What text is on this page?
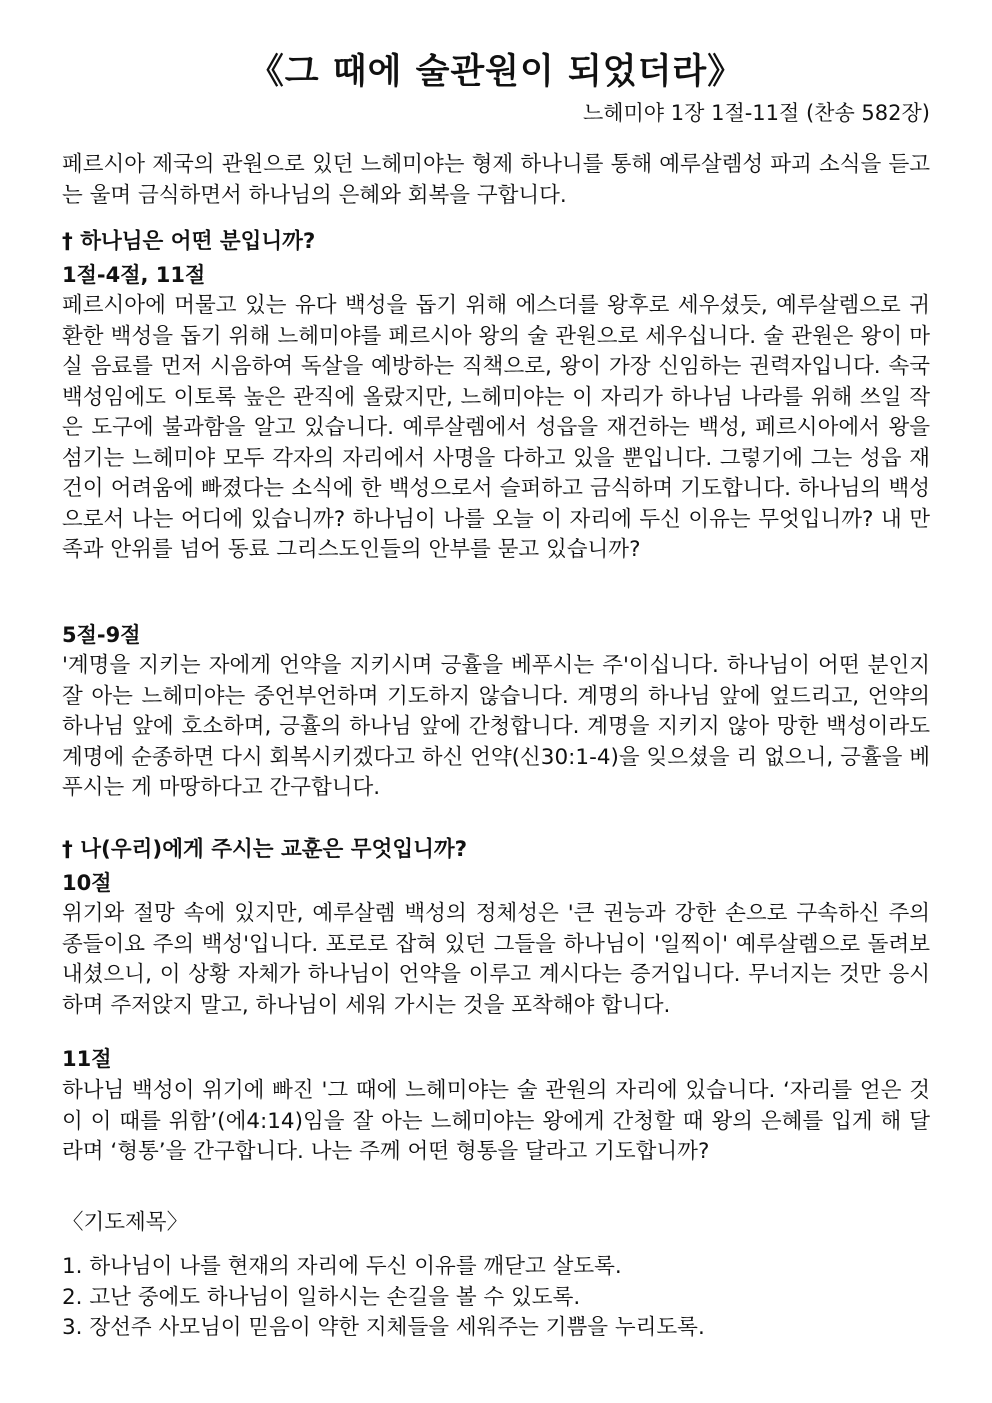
《그 때에 술관원이 되었더라》
느헤미야 1장 1절-11절 (찬송 582장)
페르시아 제국의 관원으로 있던 느헤미야는 형제 하나니를 통해 예루살렘성 파괴 소식을 듣고는 울며 금식하면서 하나님의 은혜와 회복을 구합니다.
† 하나님은 어떤 분입니까?
1절-4절, 11절
페르시아에 머물고 있는 유다 백성을 돕기 위해 에스더를 왕후로 세우셨듯, 예루살렘으로 귀환한 백성을 돕기 위해 느헤미야를 페르시아 왕의 술 관원으로 세우십니다. 술 관원은 왕이 마실 음료를 먼저 시음하여 독살을 예방하는 직책으로, 왕이 가장 신임하는 권력자입니다. 속국 백성임에도 이토록 높은 관직에 올랐지만, 느헤미야는 이 자리가 하나님 나라를 위해 쓰일 작은 도구에 불과함을 알고 있습니다. 예루살렘에서 성읍을 재건하는 백성, 페르시아에서 왕을 섬기는 느헤미야 모두 각자의 자리에서 사명을 다하고 있을 뿐입니다. 그렇기에 그는 성읍 재건이 어려움에 빠졌다는 소식에 한 백성으로서 슬퍼하고 금식하며 기도합니다. 하나님의 백성으로서 나는 어디에 있습니까? 하나님이 나를 오늘 이 자리에 두신 이유는 무엇입니까? 내 만족과 안위를 넘어 동료 그리스도인들의 안부를 묻고 있습니까?
5절-9절
'계명을 지키는 자에게 언약을 지키시며 긍휼을 베푸시는 주'이십니다. 하나님이 어떤 분인지 잘 아는 느헤미야는 중언부언하며 기도하지 않습니다. 계명의 하나님 앞에 엎드리고, 언약의 하나님 앞에 호소하며, 긍휼의 하나님 앞에 간청합니다. 계명을 지키지 않아 망한 백성이라도 계명에 순종하면 다시 회복시키겠다고 하신 언약(신30:1-4)을 잊으셨을 리 없으니, 긍휼을 베푸시는 게 마땅하다고 간구합니다.
† 나(우리)에게 주시는 교훈은 무엇입니까?
10절
위기와 절망 속에 있지만, 예루살렘 백성의 정체성은 '큰 권능과 강한 손으로 구속하신 주의 종들이요 주의 백성'입니다. 포로로 잡혀 있던 그들을 하나님이 '일찍이' 예루살렘으로 돌려보내셨으니, 이 상황 자체가 하나님이 언약을 이루고 계시다는 증거입니다. 무너지는 것만 응시하며 주저앉지 말고, 하나님이 세워 가시는 것을 포착해야 합니다.
11절
하나님 백성이 위기에 빠진 '그 때에 느헤미야는 술 관원의 자리에 있습니다. ‘자리를 얻은 것이 이 때를 위함’(에4:14)임을 잘 아는 느헤미야는 왕에게 간청할 때 왕의 은혜를 입게 해 달라며 ‘형통’을 간구합니다. 나는 주께 어떤 형통을 달라고 기도합니까?
〈기도제목〉
1. 하나님이 나를 현재의 자리에 두신 이유를 깨닫고 살도록.
2. 고난 중에도 하나님이 일하시는 손길을 볼 수 있도록.
3. 장선주 사모님이 믿음이 약한 지체들을 세워주는 기쁨을 누리도록.
